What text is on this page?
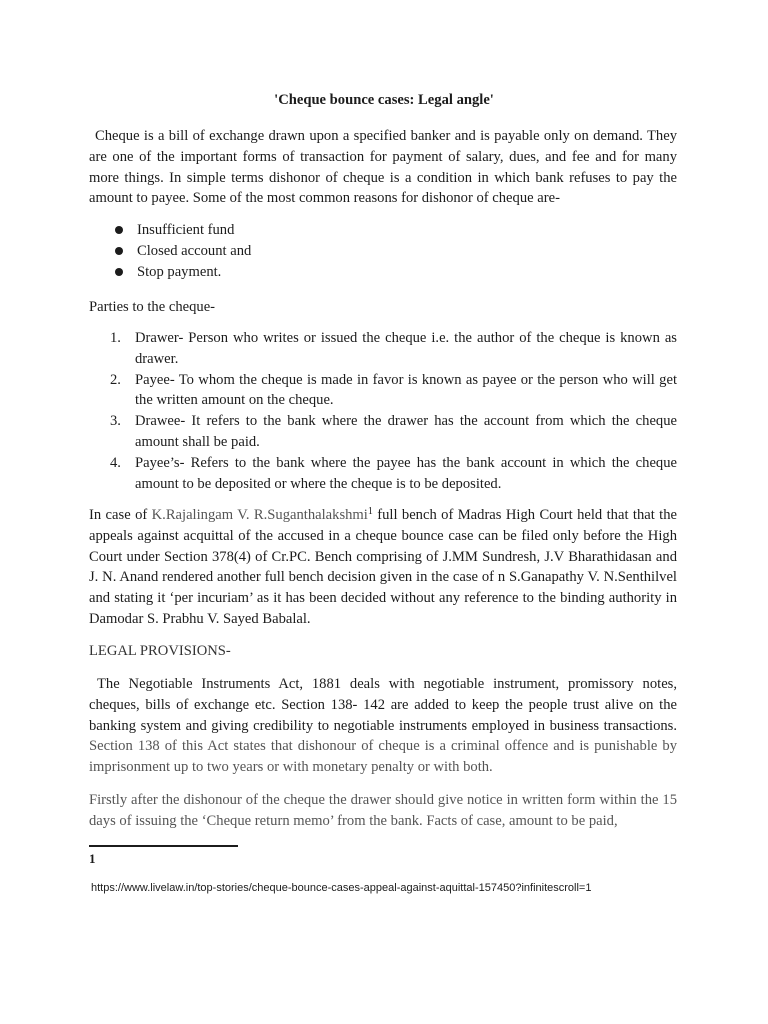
'Cheque bounce cases: Legal angle'
Cheque is a bill of exchange drawn upon a specified banker and is payable only on demand. They are one of the important forms of transaction for payment of salary, dues, and fee and for many more things. In simple terms dishonor of cheque is a condition in which bank refuses to pay the amount to payee. Some of the most common reasons for dishonor of cheque are-
Insufficient fund
Closed account and
Stop payment.
Parties to the cheque-
1. Drawer- Person who writes or issued the cheque i.e. the author of the cheque is known as drawer.
2. Payee- To whom the cheque is made in favor is known as payee or the person who will get the written amount on the cheque.
3. Drawee- It refers to the bank where the drawer has the account from which the cheque amount shall be paid.
4. Payee’s- Refers to the bank where the payee has the bank account in which the cheque amount to be deposited or where the cheque is to be deposited.
In case of K.Rajalingam V. R.Suganthalakshmi$^1$ full bench of Madras High Court held that that the appeals against acquittal of the accused in a cheque bounce case can be filed only before the High Court under Section 378(4) of Cr.PC. Bench comprising of J.MM Sundresh, J.V Bharathidasan and J. N. Anand rendered another full bench decision given in the case of n S.Ganapathy V. N.Senthilvel and stating it ‘per incuriam’ as it has been decided without any reference to the binding authority in Damodar S. Prabhu V. Sayed Babalal.
LEGAL PROVISIONS-
The Negotiable Instruments Act, 1881 deals with negotiable instrument, promissory notes, cheques, bills of exchange etc. Section 138- 142 are added to keep the people trust alive on the banking system and giving credibility to negotiable instruments employed in business transactions. Section 138 of this Act states that dishonour of cheque is a criminal offence and is punishable by imprisonment up to two years or with monetary penalty or with both.
Firstly after the dishonour of the cheque the drawer should give notice in written form within the 15 days of issuing the ‘Cheque return memo’ from the bank. Facts of case, amount to be paid,
1
https://www.livelaw.in/top-stories/cheque-bounce-cases-appeal-against-aquittal-157450?infinitescroll=1
